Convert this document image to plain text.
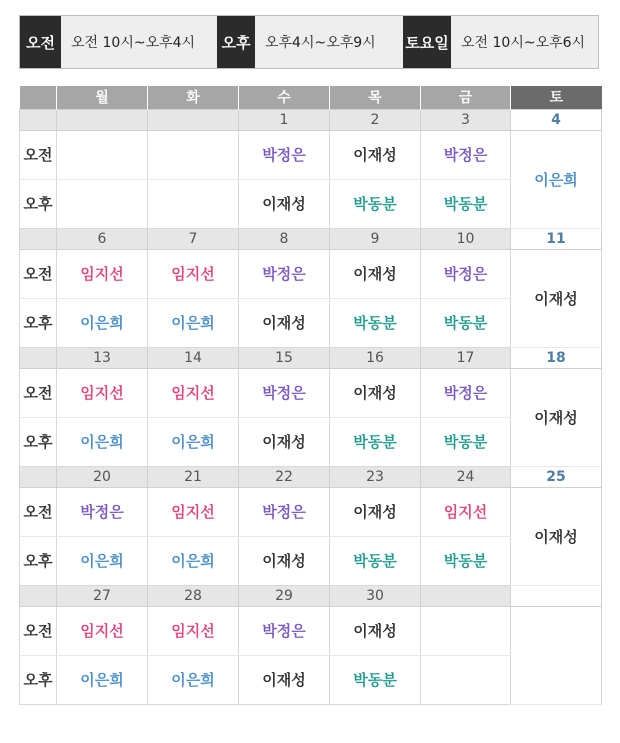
오전	오전 10시~오후4시	오후	오후4시~오후9시	토요일 오전 10시~오후6시
	월	화	수	목	금	토
			1	2	3	4
오전			박정은	이재성	박정은	이은희
오후			이재성	박동분	박동분	
	6	7	8	9	10	11
오전	임지선	임지선	박정은	이재성	박정은	이재성
오후	이은희	이은희	이재성	박동분	박동분	
	13	14	15	16	17	18
오전	임지선	임지선	박정은	이재성	박정은	이재성
오후	이은희	이은희	이재성	박동분	박동분	
	20	21	22	23	24	25
오전	박정은	임지선	박정은	이재성	임지선	이재성
오후	이은희	이은희	이재성	박동분	박동분	
	27	28	29	30		
오전	임지선	임지선	박정은	이재성		
오후	이은희	이은희	이재성	박동분		
